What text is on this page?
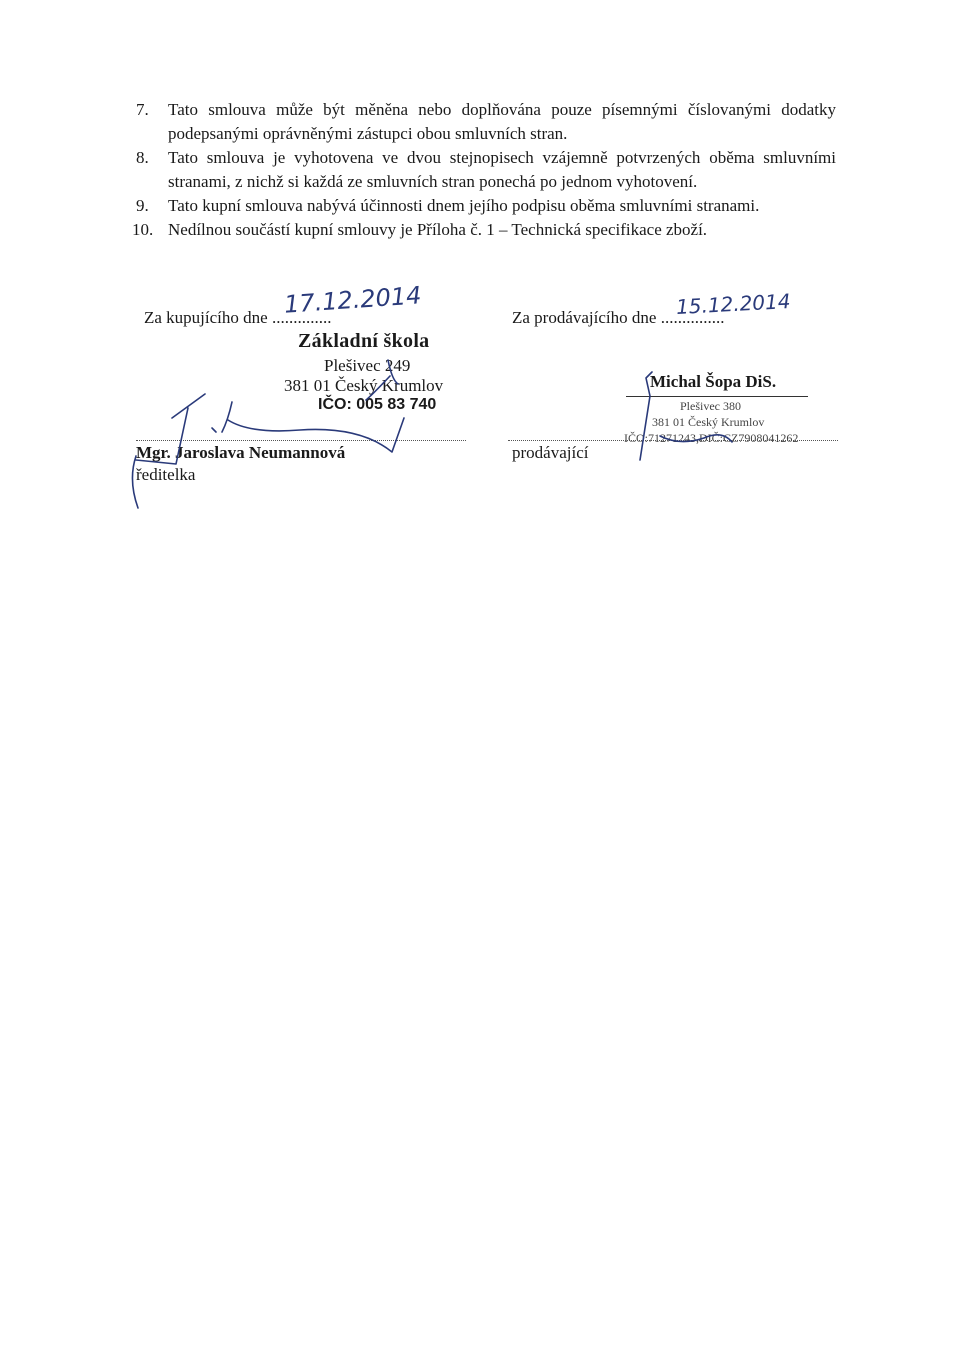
7. Tato smlouva může být měněna nebo doplňována pouze písemnými číslovanými dodatky podepsanými oprávněnými zástupci obou smluvních stran.
8. Tato smlouva je vyhotovena ve dvou stejnopisech vzájemně potvrzených oběma smluvními stranami, z nichž si každá ze smluvních stran ponechá po jednom vyhotovení.
9. Tato kupní smlouva nabývá účinnosti dnem jejího podpisu oběma smluvními stranami.
10. Nedílnou součástí kupní smlouvy je Příloha č. 1 – Technická specifikace zboží.
Za kupujícího dne ..............
17.12.2014
Základní škola
Plešivec 249
381 01 Český Krumlov
IČO: 005 83 740
Mgr. Jaroslava Neumannová
ředitelka
Za prodávajícího dne ...............
15.12.2014
Michal Šopa DiS.
Plešivec 380
381 01 Český Krumlov
IČO:71271243,DIČ:CZ7908041262
prodávající
